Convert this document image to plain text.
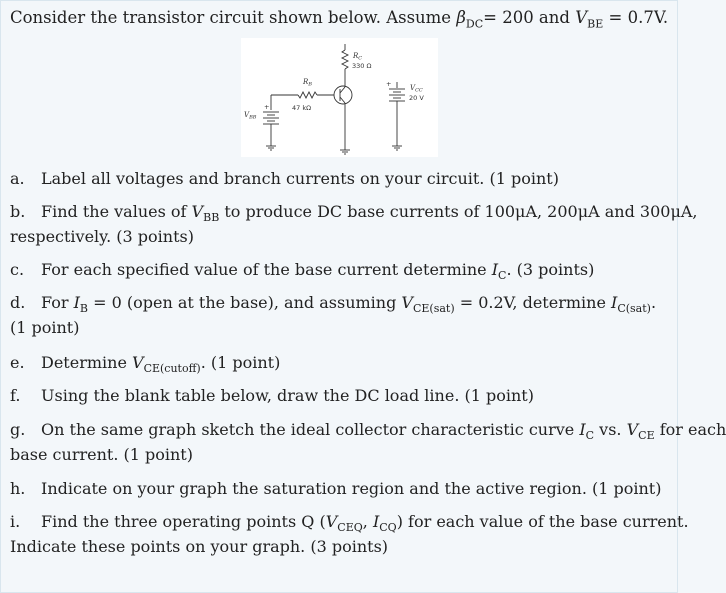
Consider the transistor circuit shown below. Assume $\beta_{DC}= 200$ and $V_{BE} = 0.7V$.
$R_C$
330 Ω
$R_B$
47 kΩ
$V_{CC}$
20 V
$V_{BB}$
+
+
a. Label all voltages and branch currents on your circuit. (1 point)
b. Find the values of $V_{BB}$ to produce DC base currents of 100μA, 200μA and 300μA,
respectively. (3 points)
c. For each specified value of the base current determine $I_C$. (3 points)
d. For $I_B = 0$ (open at the base), and assuming $V_{CE(sat)} = 0.2V$, determine $I_{C(sat)}$.
(1 point)
e. Determine $V_{CE(cutoff)}$. (1 point)
f. Using the blank table below, draw the DC load line. (1 point)
g. On the same graph sketch the ideal collector characteristic curve $I_C$ vs. $V_{CE}$ for each
base current. (1 point)
h. Indicate on your graph the saturation region and the active region. (1 point)
i. Find the three operating points Q ($V_{CEQ}$, $I_{CQ}$) for each value of the base current.
Indicate these points on your graph. (3 points)
